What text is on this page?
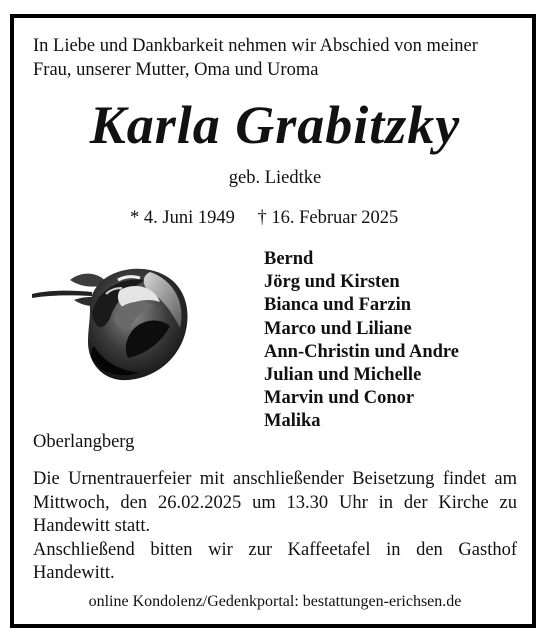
In Liebe und Dankbarkeit nehmen wir Abschied von meiner
Frau, unserer Mutter, Oma und Uroma
Karla Grabitzky
geb. Liedtke
* 4. Juni 1949 † 16. Februar 2025
Bernd
Jörg und Kirsten
Bianca und Farzin
Marco und Liliane
Ann-Christin und Andre
Julian und Michelle
Marvin und Conor
Malika
Oberlangberg

Die Urnentrauerfeier mit anschließender Beisetzung findet am Mittwoch, den 26.02.2025 um 13.30 Uhr in der Kirche zu Handewitt statt.

Anschließend bitten wir zur Kaffeetafel in den Gasthof Handewitt.

online Kondolenz/Gedenkportal: bestattungen-erichsen.de
